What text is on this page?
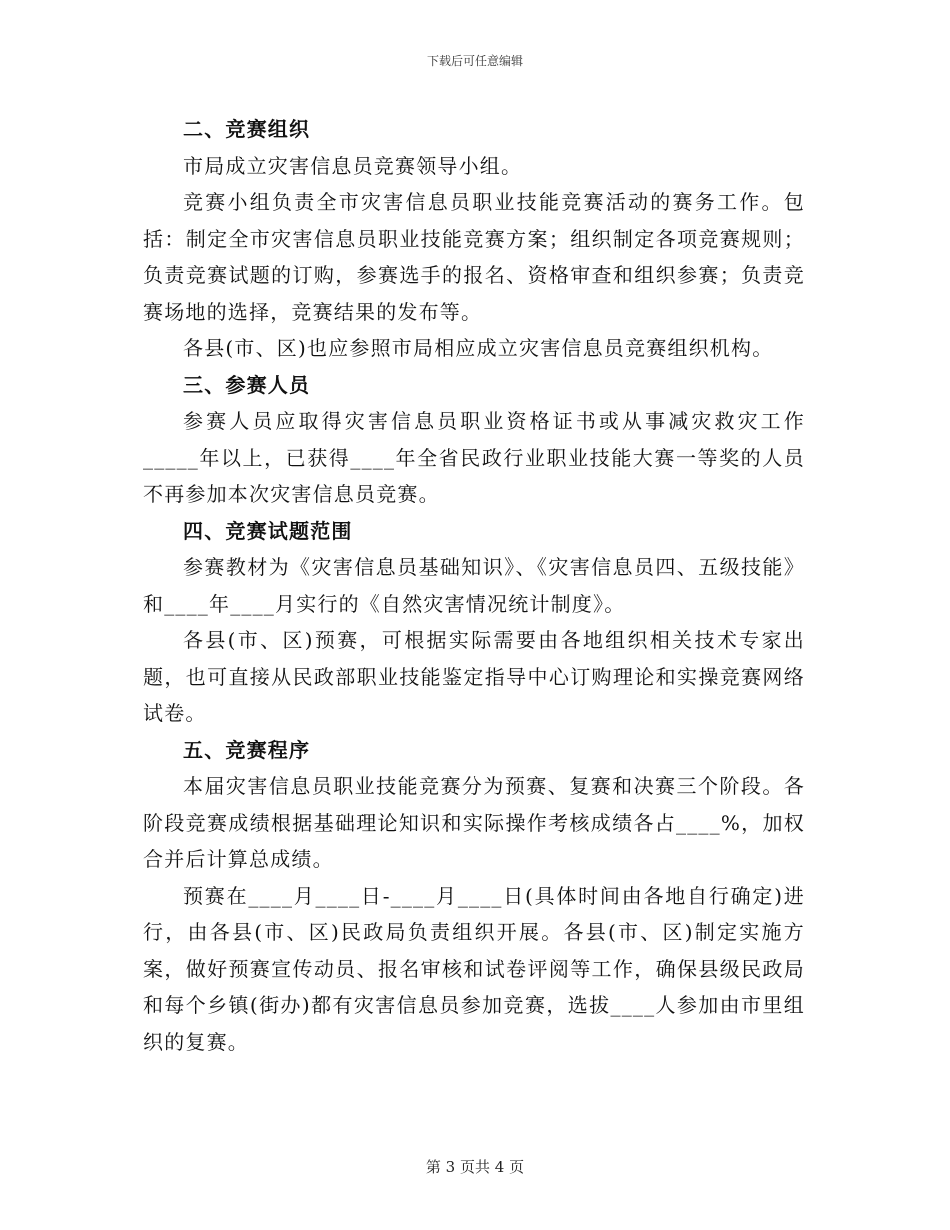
下载后可任意编辑
二、竞赛组织

市局成立灾害信息员竞赛领导小组。

竞赛小组负责全市灾害信息员职业技能竞赛活动的赛务工作。包括：制定全市灾害信息员职业技能竞赛方案；组织制定各项竞赛规则；负责竞赛试题的订购，参赛选手的报名、资格审查和组织参赛；负责竞赛场地的选择，竞赛结果的发布等。

各县(市、区)也应参照市局相应成立灾害信息员竞赛组织机构。

三、参赛人员

参赛人员应取得灾害信息员职业资格证书或从事减灾救灾工作_____年以上，已获得____年全省民政行业职业技能大赛一等奖的人员不再参加本次灾害信息员竞赛。

四、竞赛试题范围

参赛教材为《灾害信息员基础知识》、《灾害信息员四、五级技能》和____年____月实行的《自然灾害情况统计制度》。

各县(市、区)预赛，可根据实际需要由各地组织相关技术专家出题，也可直接从民政部职业技能鉴定指导中心订购理论和实操竞赛网络试卷。

五、竞赛程序

本届灾害信息员职业技能竞赛分为预赛、复赛和决赛三个阶段。各阶段竞赛成绩根据基础理论知识和实际操作考核成绩各占____%，加权合并后计算总成绩。

预赛在____月____日-____月____日(具体时间由各地自行确定)进行，由各县(市、区)民政局负责组织开展。各县(市、区)制定实施方案，做好预赛宣传动员、报名审核和试卷评阅等工作，确保县级民政局和每个乡镇(街办)都有灾害信息员参加竞赛，选拔____人参加由市里组织的复赛。

第 3 页共 4 页
